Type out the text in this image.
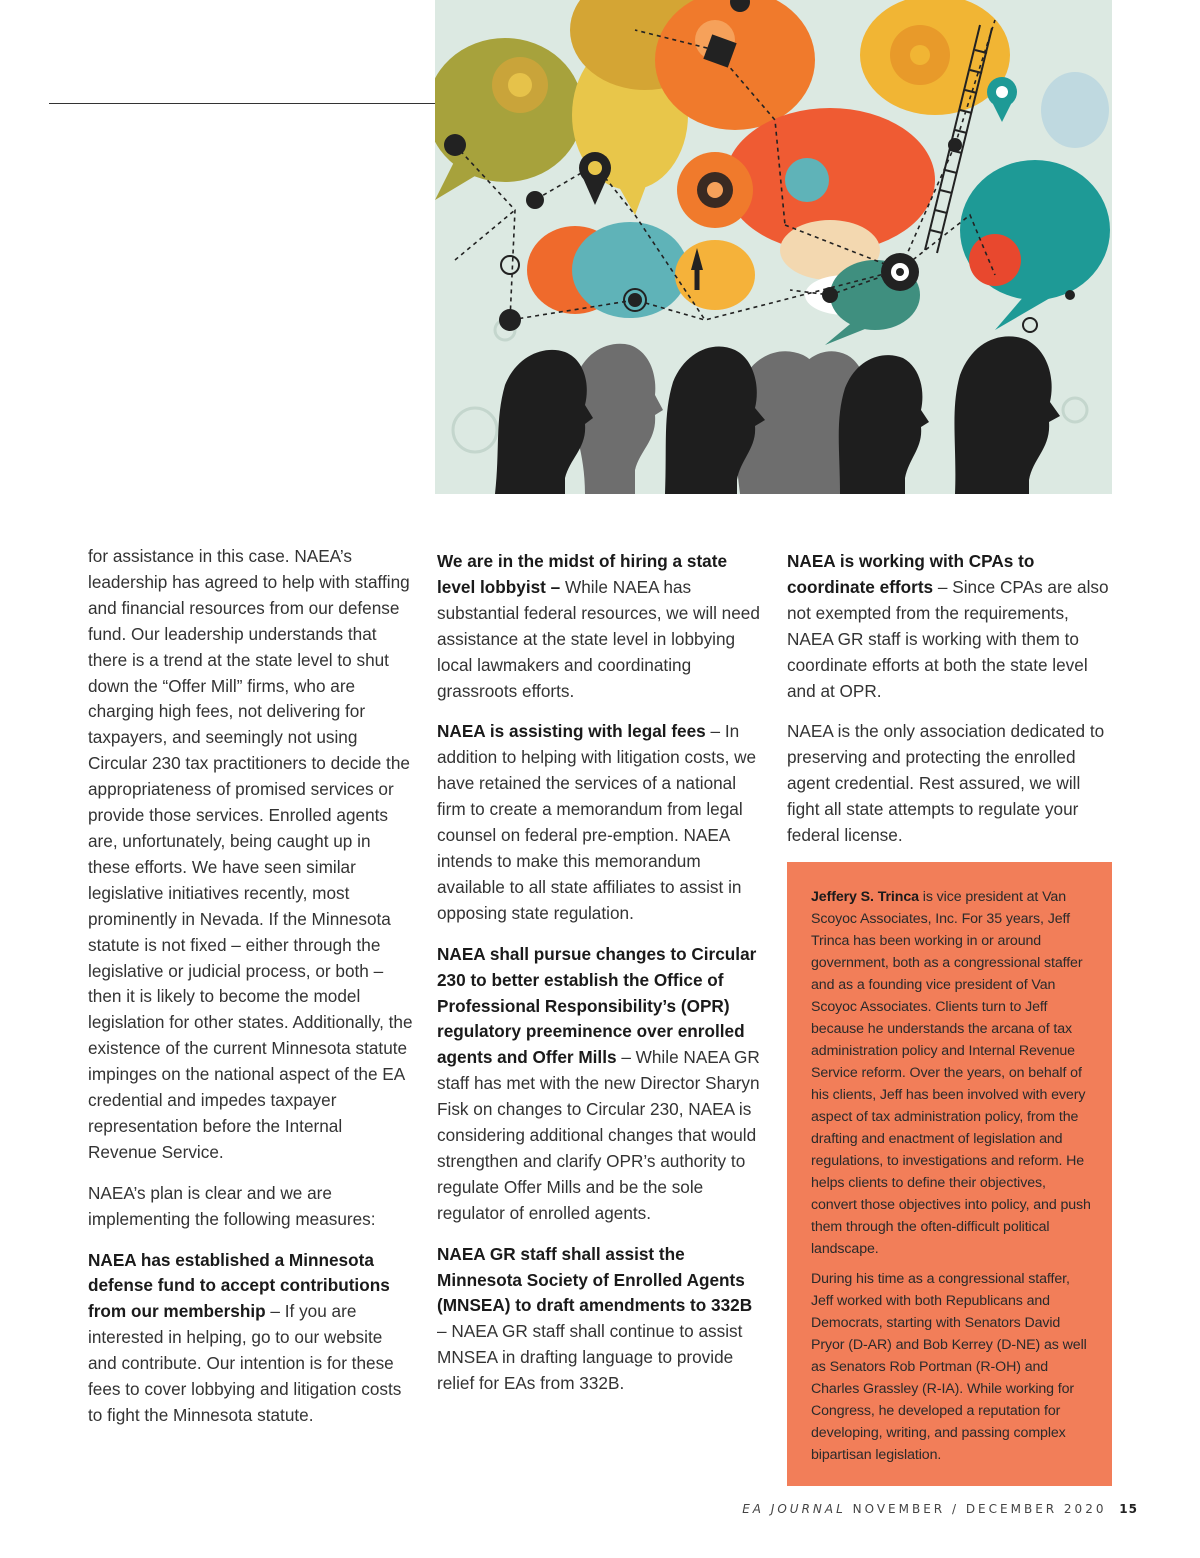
for assistance in this case. NAEA’s leadership has agreed to help with staffing and financial resources from our defense fund. Our leadership understands that there is a trend at the state level to shut down the “Offer Mill” firms, who are charging high fees, not delivering for taxpayers, and seemingly not using Circular 230 tax practitioners to decide the appropriateness of promised services or provide those services. Enrolled agents are, unfortunately, being caught up in these efforts. We have seen similar legislative initiatives recently, most prominently in Nevada. If the Minnesota statute is not fixed – either through the legislative or judicial process, or both – then it is likely to become the model legislation for other states. Additionally, the existence of the current Minnesota statute impinges on the national aspect of the EA credential and impedes taxpayer representation before the Internal Revenue Service.

NAEA’s plan is clear and we are implementing the following measures:

NAEA has established a Minnesota defense fund to accept contributions from our membership – If you are interested in helping, go to our website and contribute. Our intention is for these fees to cover lobbying and litigation costs to fight the Minnesota statute.

We are in the midst of hiring a state level lobbyist – While NAEA has substantial federal resources, we will need assistance at the state level in lobbying local lawmakers and coordinating grassroots efforts.

NAEA is assisting with legal fees – In addition to helping with litigation costs, we have retained the services of a national firm to create a memorandum from legal counsel on federal pre-emption. NAEA intends to make this memorandum available to all state affiliates to assist in opposing state regulation.

NAEA shall pursue changes to Circular 230 to better establish the Office of Professional Responsibility’s (OPR) regulatory preeminence over enrolled agents and Offer Mills – While NAEA GR staff has met with the new Director Sharyn Fisk on changes to Circular 230, NAEA is considering additional changes that would strengthen and clarify OPR’s authority to regulate Offer Mills and be the sole regulator of enrolled agents.

NAEA GR staff shall assist the Minnesota Society of Enrolled Agents (MNSEA) to draft amendments to 332B – NAEA GR staff shall continue to assist MNSEA in drafting language to provide relief for EAs from 332B.

NAEA is working with CPAs to coordinate efforts – Since CPAs are also not exempted from the requirements, NAEA GR staff is working with them to coordinate efforts at both the state level and at OPR.

NAEA is the only association dedicated to preserving and protecting the enrolled agent credential. Rest assured, we will fight all state attempts to regulate your federal license.

Jeffery S. Trinca is vice president at Van Scoyoc Associates, Inc. For 35 years, Jeff Trinca has been working in or around government, both as a congressional staffer and as a founding vice president of Van Scoyoc Associates. Clients turn to Jeff because he understands the arcana of tax administration policy and Internal Revenue Service reform. Over the years, on behalf of his clients, Jeff has been involved with every aspect of tax administration policy, from the drafting and enactment of legislation and regulations, to investigations and reform. He helps clients to define their objectives, convert those objectives into policy, and push them through the often-difficult political landscape.

During his time as a congressional staffer, Jeff worked with both Republicans and Democrats, starting with Senators David Pryor (D-AR) and Bob Kerrey (D-NE) as well as Senators Rob Portman (R-OH) and Charles Grassley (R-IA). While working for Congress, he developed a reputation for developing, writing, and passing complex bipartisan legislation.

EA JOURNAL NOVEMBER / DECEMBER 2020 15
